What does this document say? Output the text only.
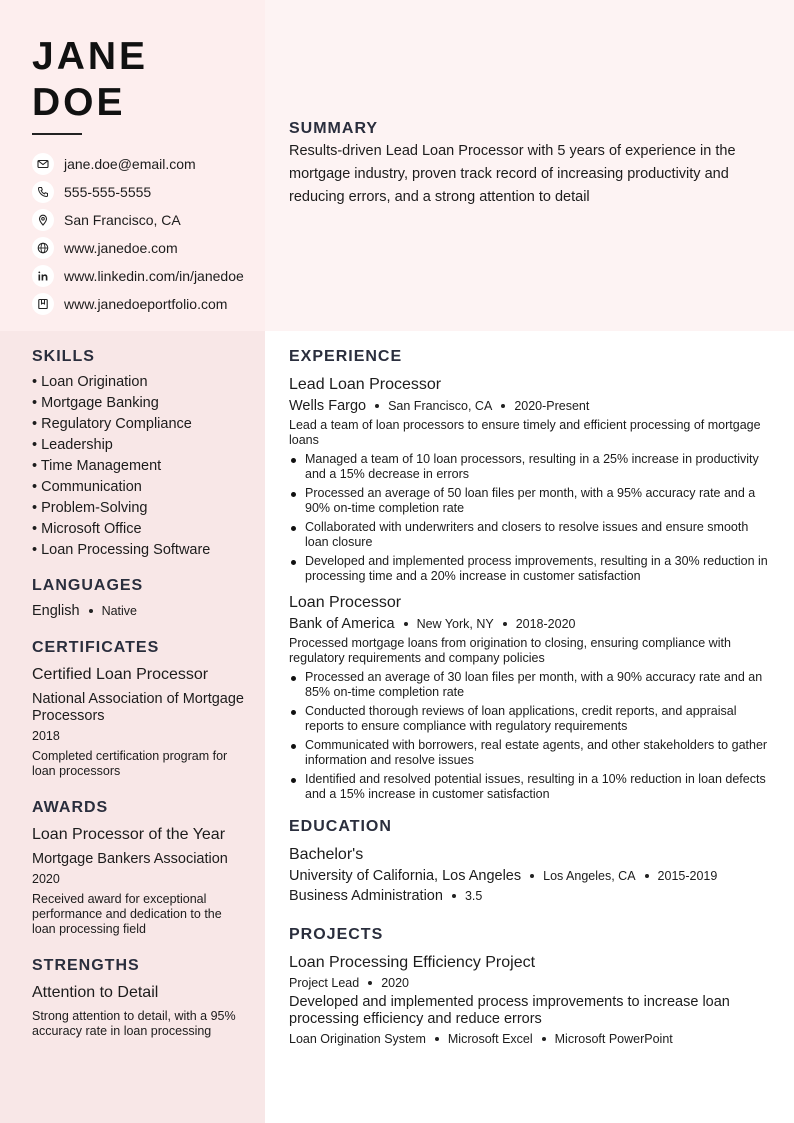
JANE
DOE
jane.doe@email.com
555-555-5555
San Francisco, CA
www.janedoe.com
www.linkedin.com/in/janedoe
www.janedoeportfolio.com
SUMMARY
Results-driven Lead Loan Processor with 5 years of experience in the mortgage industry, proven track record of increasing productivity and reducing errors, and a strong attention to detail
SKILLS
• Loan Origination
• Mortgage Banking
• Regulatory Compliance
• Leadership
• Time Management
• Communication
• Problem-Solving
• Microsoft Office
• Loan Processing Software
LANGUAGES
English Native
CERTIFICATES
Certified Loan Processor
National Association of Mortgage Processors
2018
Completed certification program for loan processors
AWARDS
Loan Processor of the Year
Mortgage Bankers Association
2020
Received award for exceptional performance and dedication to the loan processing field
STRENGTHS
Attention to Detail
Strong attention to detail, with a 95% accuracy rate in loan processing
EXPERIENCE
Lead Loan Processor
Wells Fargo San Francisco, CA 2020-Present
Lead a team of loan processors to ensure timely and efficient processing of mortgage loans
Managed a team of 10 loan processors, resulting in a 25% increase in productivity and a 15% decrease in errors
Processed an average of 50 loan files per month, with a 95% accuracy rate and a 90% on-time completion rate
Collaborated with underwriters and closers to resolve issues and ensure smooth loan closure
Developed and implemented process improvements, resulting in a 30% reduction in processing time and a 20% increase in customer satisfaction
Loan Processor
Bank of America New York, NY 2018-2020
Processed mortgage loans from origination to closing, ensuring compliance with regulatory requirements and company policies
Processed an average of 30 loan files per month, with a 90% accuracy rate and an 85% on-time completion rate
Conducted thorough reviews of loan applications, credit reports, and appraisal reports to ensure compliance with regulatory requirements
Communicated with borrowers, real estate agents, and other stakeholders to gather information and resolve issues
Identified and resolved potential issues, resulting in a 10% reduction in loan defects and a 15% increase in customer satisfaction
EDUCATION
Bachelor's
University of California, Los Angeles Los Angeles, CA 2015-2019
Business Administration 3.5
PROJECTS
Loan Processing Efficiency Project
Project Lead 2020
Developed and implemented process improvements to increase loan processing efficiency and reduce errors
Loan Origination System Microsoft Excel Microsoft PowerPoint
